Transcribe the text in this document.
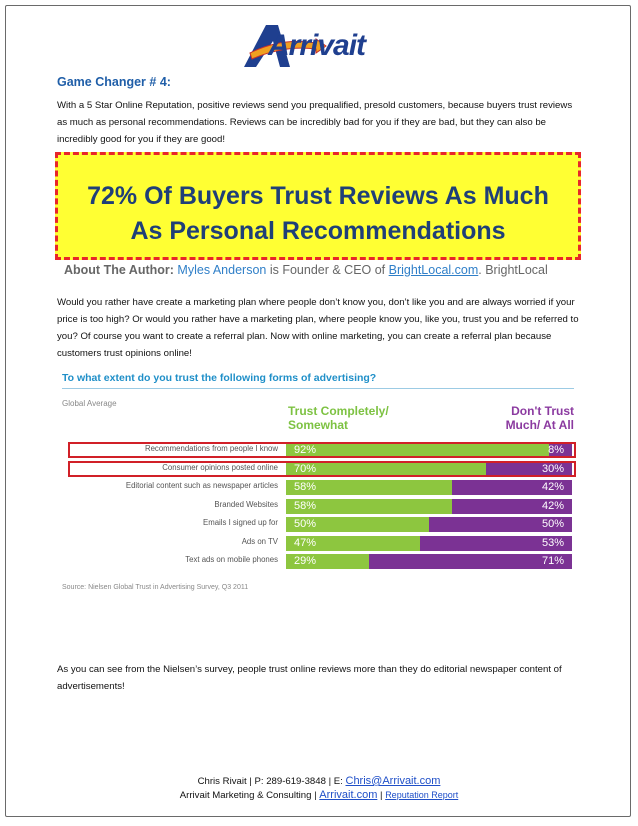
Arrivait
Game Changer # 4:
With a 5 Star Online Reputation, positive reviews send you prequalified, presold customers, because buyers trust reviews as much as personal recommendations. Reviews can be incredibly bad for you if they are bad, but they can also be incredibly good for you if they are good!
72% Of Buyers Trust Reviews As Much
As Personal Recommendations
About The Author: Myles Anderson is Founder & CEO of BrightLocal.com. BrightLocal
Would you rather have create a marketing plan where people don’t know you, don’t like you and are always worried if your price is too high? Or would you rather have a marketing plan, where people know you, like you, trust you and be referred to you? Of course you want to create a referral plan. Now with online marketing, you can create a referral plan because customers trust opinions online!
To what extent do you trust the following forms of advertising?
Global Average
Trust Completely/ Somewhat
Don't Trust Much/ At All
Recommendations from people I know 92%	8%
Consumer opinions posted online 70%	30%
Editorial content such as newspaper articles 58%	42%
Branded Websites 58%	42%
Emails I signed up for 50%	50%
Ads on TV 47%	53%
Text ads on mobile phones 29%	71%
Source: Nielsen Global Trust in Advertising Survey, Q3 2011
As you can see from the Nielsen’s survey, people trust online reviews more than they do editorial newspaper content of advertisements!
Chris Rivait | P: 289-619-3848 | E: Chris@Arrivait.com
Arrivait Marketing & Consulting | Arrivait.com | Reputation Report
